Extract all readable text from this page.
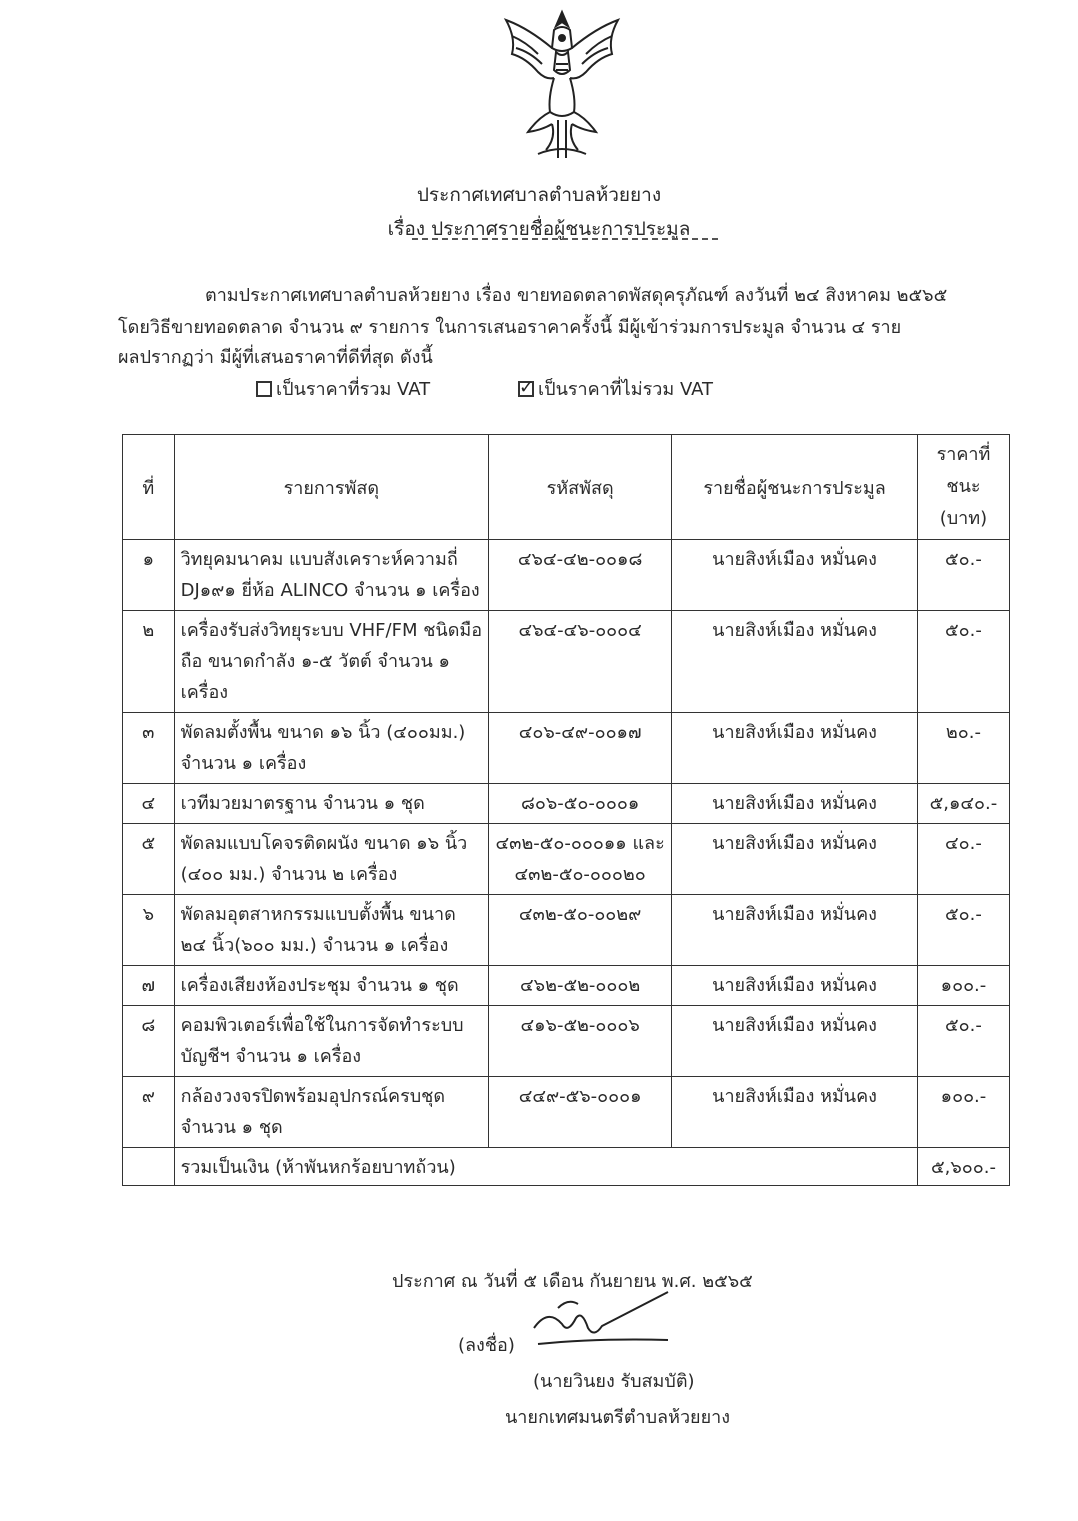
ประกาศเทศบาลตำบลห้วยยาง
เรื่อง ประกาศรายชื่อผู้ชนะการประมูล
ตามประกาศเทศบาลตำบลห้วยยาง เรื่อง ขายทอดตลาดพัสดุครุภัณฑ์ ลงวันที่ ๒๔ สิงหาคม ๒๕๖๕
โดยวิธีขายทอดตลาด จำนวน ๙ รายการ ในการเสนอราคาครั้งนี้ มีผู้เข้าร่วมการประมูล จำนวน ๔ ราย
ผลปรากฏว่า มีผู้ที่เสนอราคาที่ดีที่สุด ดังนี้
เป็นราคาที่รวม VAT ✓	เป็นราคาที่ไม่รวม VAT
ที่	รายการพัสดุ	รหัสพัสดุ	รายชื่อผู้ชนะการประมูล	ราคาที่ชนะ (บาท)
๑	วิทยุคมนาคม แบบสังเคราะห์ความถี่ DJ๑๙๑ ยี่ห้อ ALINCO จำนวน ๑ เครื่อง	๔๖๔-๔๒-๐๐๑๘	นายสิงห์เมือง หมั่นคง	๕๐.-
๒	เครื่องรับส่งวิทยุระบบ VHF/FM ชนิดมือถือ ขนาดกำลัง ๑-๕ วัตต์ จำนวน ๑ เครื่อง	๔๖๔-๔๖-๐๐๐๔	นายสิงห์เมือง หมั่นคง	๕๐.-
๓	พัดลมตั้งพื้น ขนาด ๑๖ นิ้ว (๔๐๐มม.) จำนวน ๑ เครื่อง	๔๐๖-๔๙-๐๐๑๗	นายสิงห์เมือง หมั่นคง	๒๐.-
๔	เวทีมวยมาตรฐาน จำนวน ๑ ชุด	๘๐๖-๕๐-๐๐๐๑	นายสิงห์เมือง หมั่นคง	๕,๑๔๐.-
๕	พัดลมแบบโคจรติดผนัง ขนาด ๑๖ นิ้ว (๔๐๐ มม.) จำนวน ๒ เครื่อง	๔๓๒-๕๐-๐๐๐๑๑ และ ๔๓๒-๕๐-๐๐๐๒๐	นายสิงห์เมือง หมั่นคง	๔๐.-
๖	พัดลมอุตสาหกรรมแบบตั้งพื้น ขนาด ๒๔ นิ้ว(๖๐๐ มม.) จำนวน ๑ เครื่อง	๔๓๒-๕๐-๐๐๒๙	นายสิงห์เมือง หมั่นคง	๕๐.-
๗	เครื่องเสียงห้องประชุม จำนวน ๑ ชุด	๔๖๒-๕๒-๐๐๐๒	นายสิงห์เมือง หมั่นคง	๑๐๐.-
๘	คอมพิวเตอร์เพื่อใช้ในการจัดทำระบบบัญชีฯ จำนวน ๑ เครื่อง	๔๑๖-๕๒-๐๐๐๖	นายสิงห์เมือง หมั่นคง	๕๐.-
๙	กล้องวงจรปิดพร้อมอุปกรณ์ครบชุด จำนวน ๑ ชุด	๔๔๙-๕๖-๐๐๐๑	นายสิงห์เมือง หมั่นคง	๑๐๐.-
	รวมเป็นเงิน (ห้าพันหกร้อยบาทถ้วน)			๕,๖๐๐.-
ประกาศ ณ วันที่ ๕ เดือน กันยายน พ.ศ. ๒๕๖๕
(ลงชื่อ)
(นายวินยง รับสมบัติ)
นายกเทศมนตรีตำบลห้วยยาง
